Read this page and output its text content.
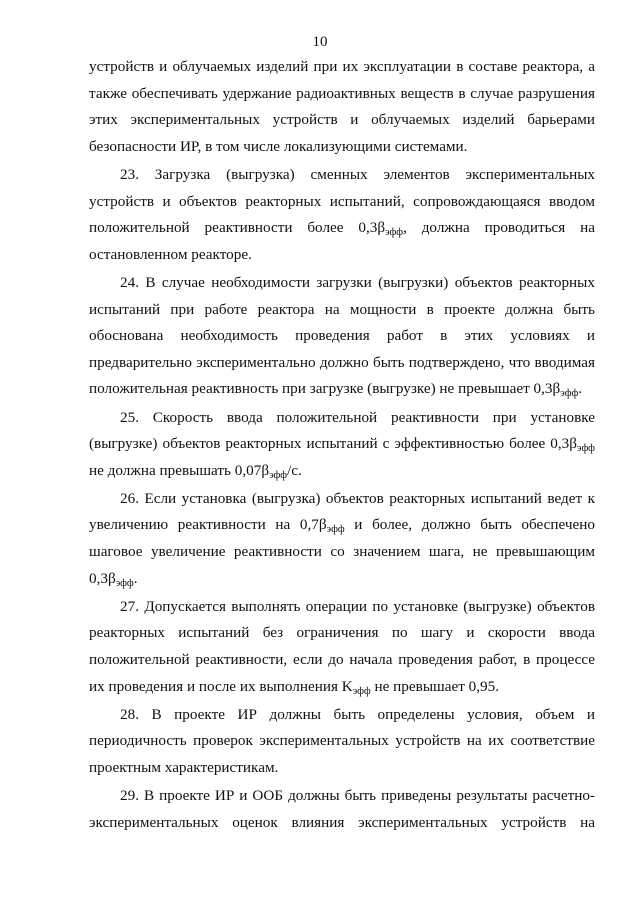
10

устройств и облучаемых изделий при их эксплуатации в составе реактора, а также обеспечивать удержание радиоактивных веществ в случае разрушения этих экспериментальных устройств и облучаемых изделий барьерами безопасности ИР, в том числе локализующими системами.

23. Загрузка (выгрузка) сменных элементов экспериментальных устройств и объектов реакторных испытаний, сопровождающаяся вводом положительной реактивности более $0,3\beta_{эфф}$, должна проводиться на остановленном реакторе.

24. В случае необходимости загрузки (выгрузки) объектов реакторных испытаний при работе реактора на мощности в проекте должна быть обоснована необходимость проведения работ в этих условиях и предварительно экспериментально должно быть подтверждено, что вводимая положительная реактивность при загрузке (выгрузке) не превышает $0,3\beta_{эфф}$.

25. Скорость ввода положительной реактивности при установке (выгрузке) объектов реакторных испытаний с эффективностью более $0,3\beta_{эфф}$ не должна превышать $0,07\beta_{эфф}/с$.

26. Если установка (выгрузка) объектов реакторных испытаний ведет к увеличению реактивности на $0,7\beta_{эфф}$ и более, должно быть обеспечено шаговое увеличение реактивности со значением шага, не превышающим $0,3\beta_{эфф}$.

27. Допускается выполнять операции по установке (выгрузке) объектов реакторных испытаний без ограничения по шагу и скорости ввода положительной реактивности, если до начала проведения работ, в процессе их проведения и после их выполнения $K_{эфф}$ не превышает 0,95.

28. В проекте ИР должны быть определены условия, объем и периодичность проверок экспериментальных устройств на их соответствие проектным характеристикам.

29. В проекте ИР и ООБ должны быть приведены результаты расчетно-экспериментальных оценок влияния экспериментальных устройств на
